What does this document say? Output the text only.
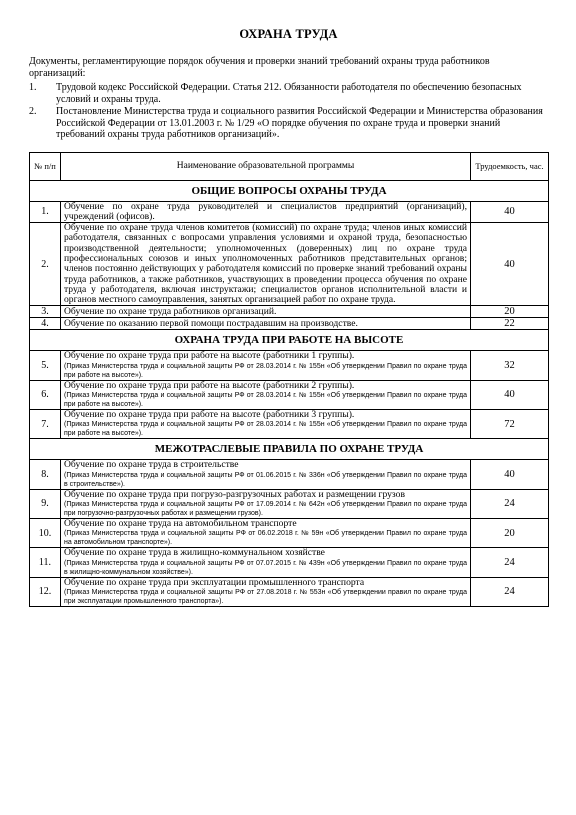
ОХРАНА ТРУДА

Документы, регламентирующие порядок обучения и проверки знаний требований охраны труда работников организаций:

1.	Трудовой кодекс Российской Федерации. Статья 212. Обязанности работодателя по обеспечению безопасных условий и охраны труда.
2.	Постановление Министерства труда и социального развития Российской Федерации и Министерства образования Российской Федерации от 13.01.2003 г. № 1/29 «О порядке обучения по охране труда и проверки знаний требований охраны труда работников организаций».
№ п/п	Наименование образовательной программы	Трудоемкость, час.
ОБЩИЕ ВОПРОСЫ ОХРАНЫ ТРУДА		
1.	Обучение по охране труда руководителей и специалистов предприятий (организаций), учреждений (офисов).	40
2.	Обучение по охране труда членов комитетов (комиссий) по охране труда; членов иных комиссий работодателя, связанных с вопросами управления условиями и охраной труда, безопасностью производственной деятельности; уполномоченных (доверенных) лиц по охране труда профессиональных союзов и иных уполномоченных работников представительных органов; членов постоянно действующих у работодателя комиссий по проверке знаний требований охраны труда работников, а также работников, участвующих в проведении процесса обучения по охране труда у работодателя, включая инструктажи; специалистов органов исполнительной власти и органов местного самоуправления, занятых организацией работ по охране труда.	40
3.	Обучение по охране труда работников организаций.	20
4.	Обучение по оказанию первой помощи пострадавшим на производстве.	22
ОХРАНА ТРУДА ПРИ РАБОТЕ НА ВЫСОТЕ		
5.	Обучение по охране труда при работе на высоте (работники 1 группы).
(Приказ Министерства труда и социальной защиты РФ от 28.03.2014 г. № 155н «Об утверждении Правил по охране труда при работе на высоте»).	32
6.	Обучение по охране труда при работе на высоте (работники 2 группы).
(Приказ Министерства труда и социальной защиты РФ от 28.03.2014 г. № 155н «Об утверждении Правил по охране труда при работе на высоте»).	40
7.	Обучение по охране труда при работе на высоте (работники 3 группы).
(Приказ Министерства труда и социальной защиты РФ от 28.03.2014 г. № 155н «Об утверждении Правил по охране труда при работе на высоте»).	72
МЕЖОТРАСЛЕВЫЕ ПРАВИЛА ПО ОХРАНЕ ТРУДА		
8.	Обучение по охране труда в строительстве
(Приказ Министерства труда и социальной защиты РФ от 01.06.2015 г. № 336н «Об утверждении Правил по охране труда в строительстве»).	40
9.	Обучение по охране труда при погрузо-разгрузочных работах и размещении грузов
(Приказ Министерства труда и социальной защиты РФ от 17.09.2014 г. № 642н «Об утверждении Правил по охране труда при погрузочно-разгрузочных работах и размещении грузов).	24
10.	Обучение по охране труда на автомобильном транспорте
(Приказ Министерства труда и социальной защиты РФ от 06.02.2018 г. № 59н «Об утверждении Правил по охране труда на автомобильном транспорте»).	20
11.	Обучение по охране труда в жилищно-коммунальном хозяйстве
(Приказ Министерства труда и социальной защиты РФ от 07.07.2015 г. № 439н «Об утверждении Правил по охране труда в жилищно-коммунальном хозяйстве»).	24
12.	Обучение по охране труда при эксплуатации промышленного транспорта
(Приказ Министерства труда и социальной защиты РФ от 27.08.2018 г. № 553н «Об утверждении правил по охране труда при эксплуатации промышленного транспорта»).	24
